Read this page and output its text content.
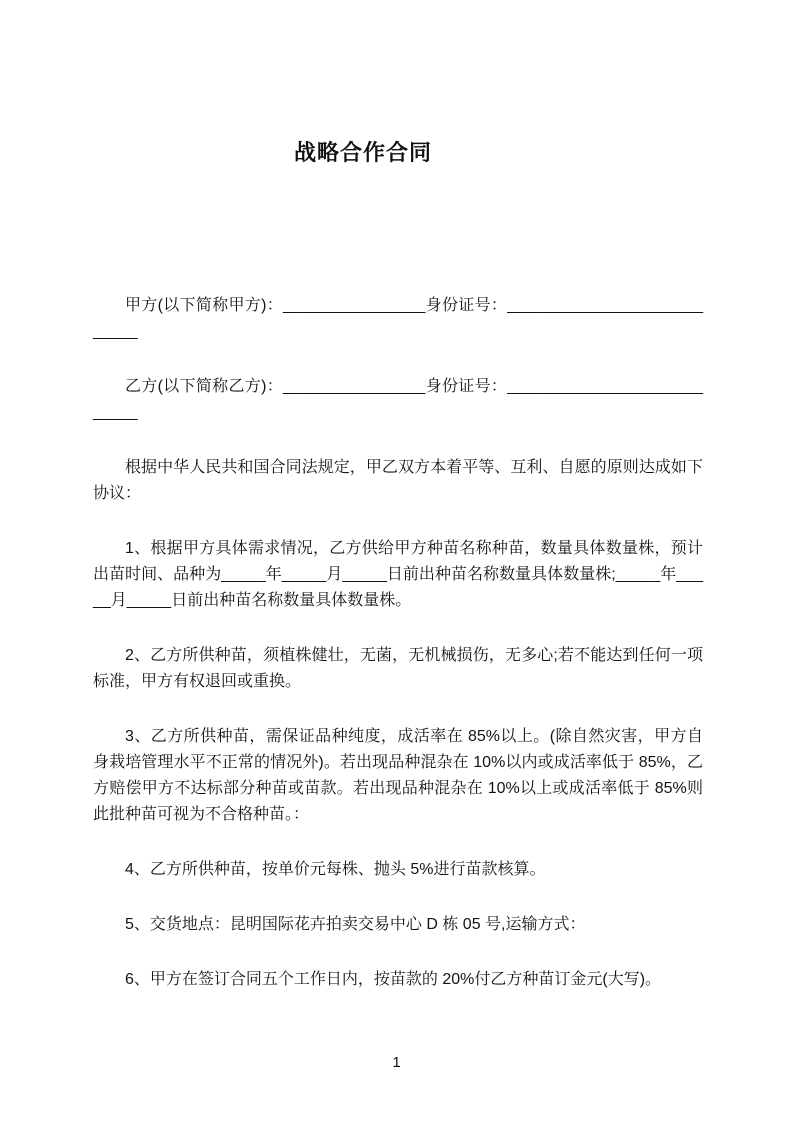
战略合作合同

甲方(以下简称甲方)：________________身份证号：___________________________

乙方(以下简称乙方)：________________身份证号：___________________________

根据中华人民共和国合同法规定，甲乙双方本着平等、互利、自愿的原则达成如下协议：

1、根据甲方具体需求情况，乙方供给甲方种苗名称种苗，数量具体数量株，预计出苗时间、品种为_____年_____月_____日前出种苗名称数量具体数量株;_____年_____月_____日前出种苗名称数量具体数量株。

2、乙方所供种苗，须植株健壮，无菌，无机械损伤，无多心;若不能达到任何一项标准，甲方有权退回或重换。

3、乙方所供种苗，需保证品种纯度，成活率在 85%以上。(除自然灾害，甲方自身栽培管理水平不正常的情况外)。若出现品种混杂在 10%以内或成活率低于 85%，乙方赔偿甲方不达标部分种苗或苗款。若出现品种混杂在 10%以上或成活率低于 85%则此批种苗可视为不合格种苗。：

4、乙方所供种苗，按单价元每株、抛头 5%进行苗款核算。

5、交货地点：昆明国际花卉拍卖交易中心 D 栋 05 号,运输方式：

6、甲方在签订合同五个工作日内，按苗款的 20%付乙方种苗订金元(大写)。

1
